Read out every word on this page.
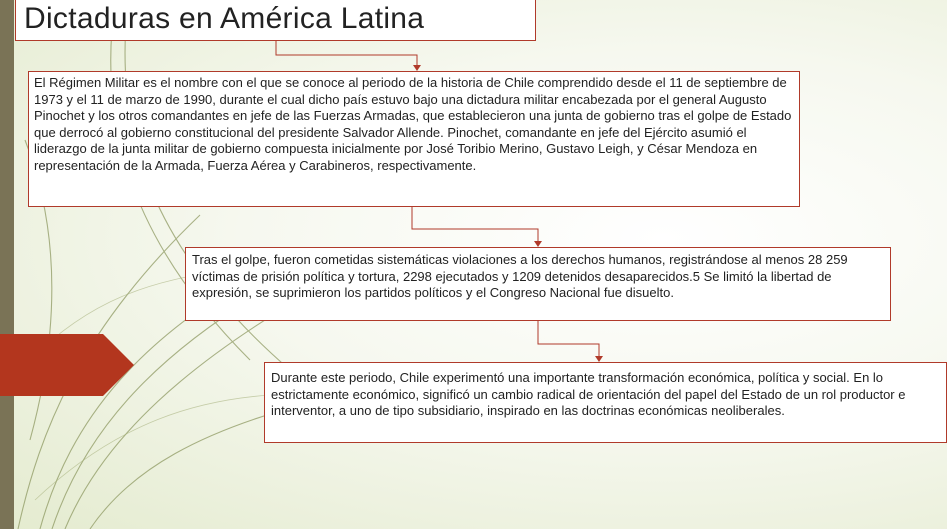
Dictaduras en América Latina
El Régimen Militar es el nombre con el que se conoce al periodo de la historia de Chile comprendido desde el 11 de septiembre de 1973 y el 11 de marzo de 1990, durante el cual dicho país estuvo bajo una dictadura militar encabezada por el general Augusto Pinochet y los otros comandantes en jefe de las Fuerzas Armadas, que establecieron una junta de gobierno tras el golpe de Estado que derrocó al gobierno constitucional del presidente Salvador Allende. Pinochet, comandante en jefe del Ejército asumió el liderazgo de la junta militar de gobierno compuesta inicialmente por José Toribio Merino, Gustavo Leigh, y César Mendoza en representación de la Armada, Fuerza Aérea y Carabineros, respectivamente.
Tras el golpe, fueron cometidas sistemáticas violaciones a los derechos humanos, registrándose al menos 28 259 víctimas de prisión política y tortura, 2298 ejecutados y 1209 detenidos desaparecidos.5 Se limitó la libertad de expresión, se suprimieron los partidos políticos y el Congreso Nacional fue disuelto.
Durante este periodo, Chile experimentó una importante transformación económica, política y social. En lo estrictamente económico, significó un cambio radical de orientación del papel del Estado de un rol productor e interventor, a uno de tipo subsidiario, inspirado en las doctrinas económicas neoliberales.
